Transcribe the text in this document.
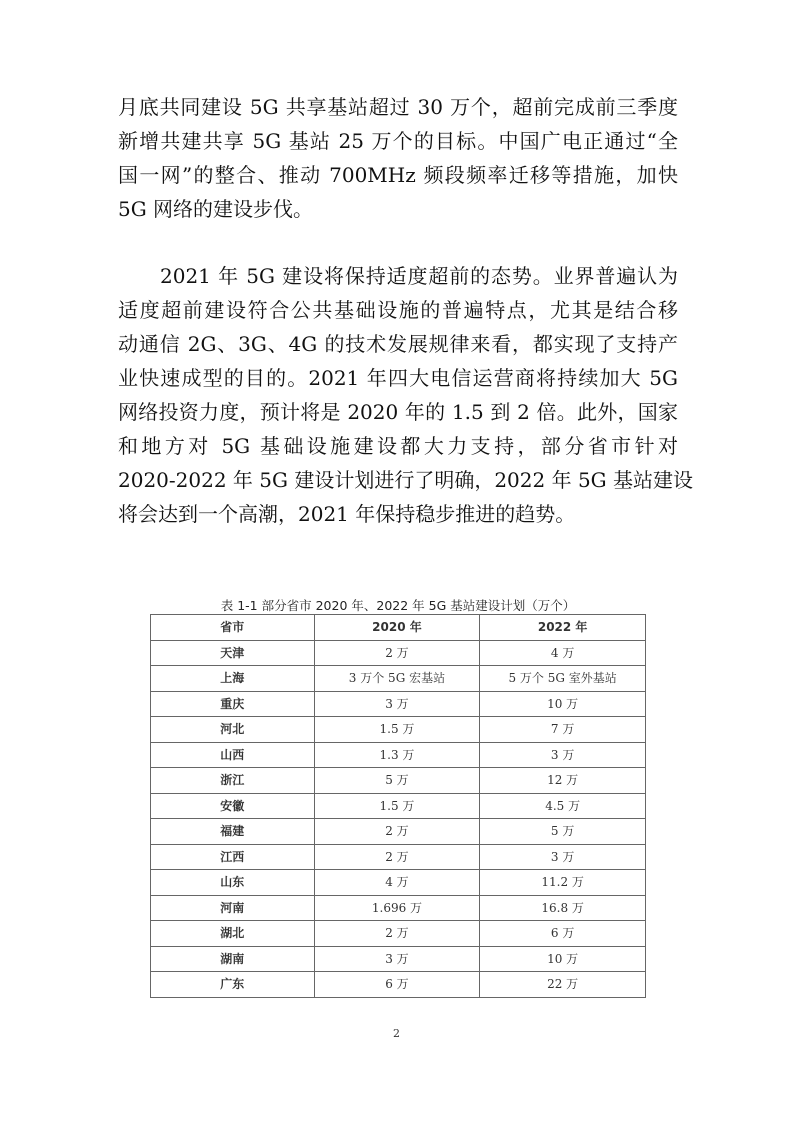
月底共同建设 5G 共享基站超过 30 万个，超前完成前三季度
新增共建共享 5G 基站 25 万个的目标。中国广电正通过“全
国一网”的整合、推动 700MHz 频段频率迁移等措施，加快
5G 网络的建设步伐。
2021 年 5G 建设将保持适度超前的态势。业界普遍认为
适度超前建设符合公共基础设施的普遍特点，尤其是结合移
动通信 2G、3G、4G 的技术发展规律来看，都实现了支持产
业快速成型的目的。2021 年四大电信运营商将持续加大 5G
网络投资力度，预计将是 2020 年的 1.5 到 2 倍。此外，国家
和地方对 5G 基础设施建设都大力支持，部分省市针对
2020-2022 年 5G 建设计划进行了明确，2022 年 5G 基站建设
将会达到一个高潮，2021 年保持稳步推进的趋势。
表 1-1 部分省市 2020 年、2022 年 5G 基站建设计划（万个）
省市	2020 年	2022 年
天津	2 万	4 万
上海	3 万个 5G 宏基站	5 万个 5G 室外基站
重庆	3 万	10 万
河北	1.5 万	7 万
山西	1.3 万	3 万
浙江	5 万	12 万
安徽	1.5 万	4.5 万
福建	2 万	5 万
江西	2 万	3 万
山东	4 万	11.2 万
河南	1.696 万	16.8 万
湖北	2 万	6 万
湖南	3 万	10 万
广东	6 万	22 万
2
